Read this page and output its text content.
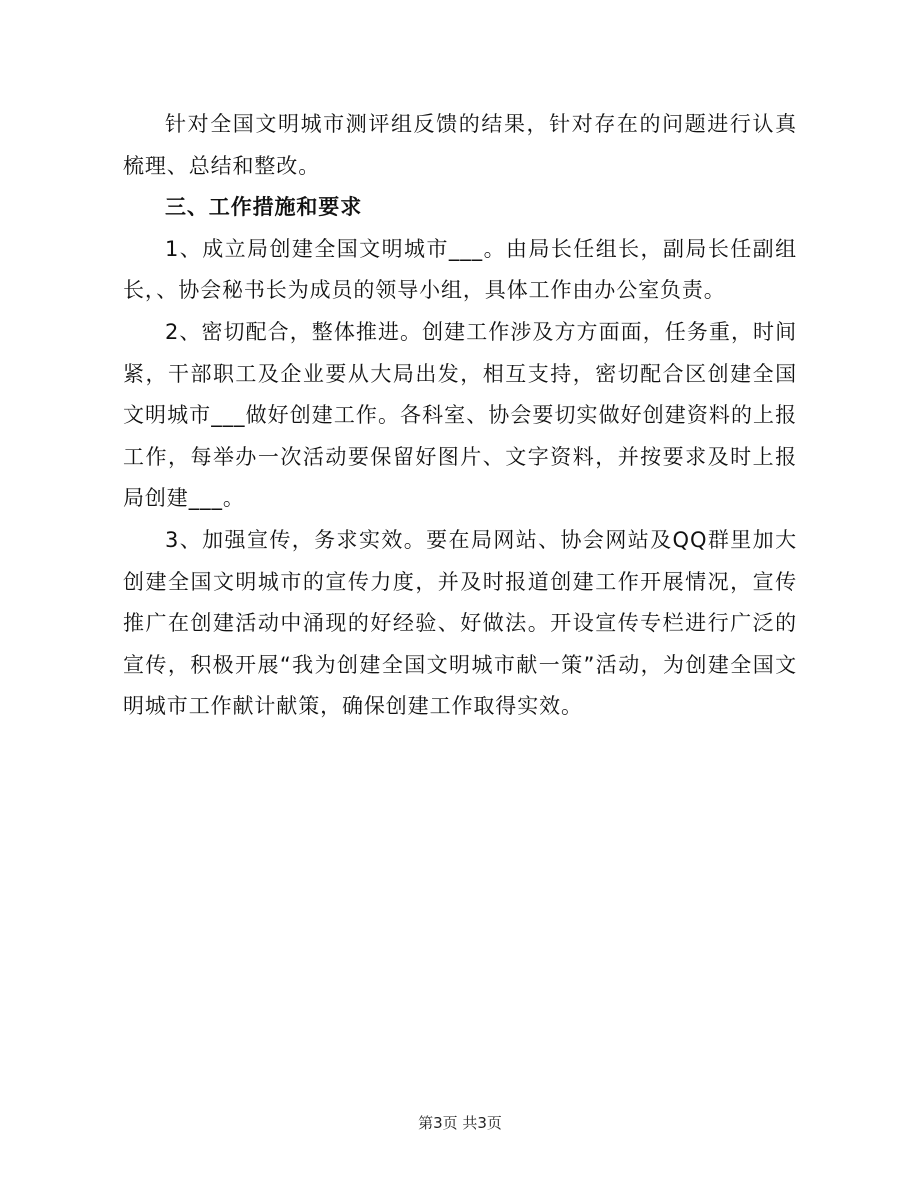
针对全国文明城市测评组反馈的结果，针对存在的问题进行认真梳理、总结和整改。

三、工作措施和要求

1、成立局创建全国文明城市___。由局长任组长，副局长任副组长，、协会秘书长为成员的领导小组，具体工作由办公室负责。

2、密切配合，整体推进。创建工作涉及方方面面，任务重，时间紧，干部职工及企业要从大局出发，相互支持，密切配合区创建全国文明城市___做好创建工作。各科室、协会要切实做好创建资料的上报工作，每举办一次活动要保留好图片、文字资料，并按要求及时上报局创建___。

3、加强宣传，务求实效。要在局网站、协会网站及QQ群里加大创建全国文明城市的宣传力度，并及时报道创建工作开展情况，宣传推广在创建活动中涌现的好经验、好做法。开设宣传专栏进行广泛的宣传，积极开展“我为创建全国文明城市献一策”活动，为创建全国文明城市工作献计献策，确保创建工作取得实效。

第3页 共3页
